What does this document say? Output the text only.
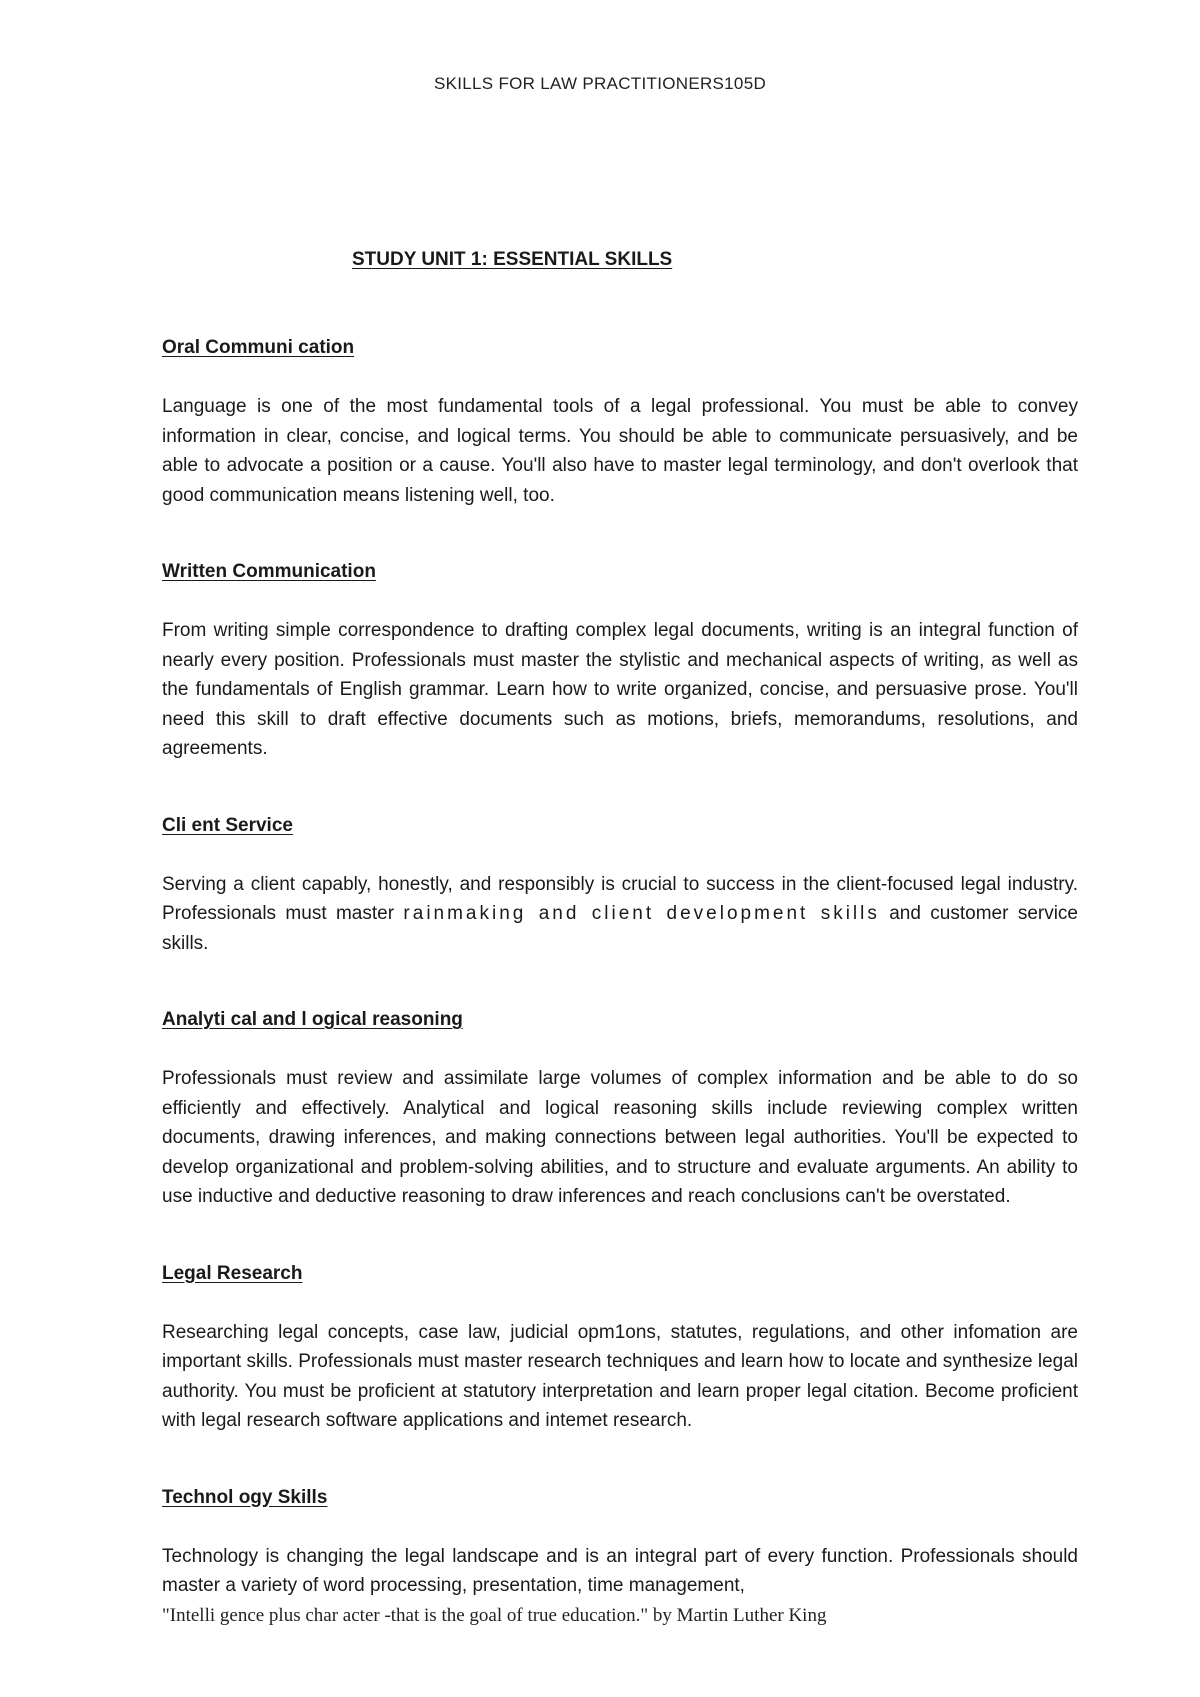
SKILLS FOR LAW PRACTITIONERS105D
STUDY UNIT 1: ESSENTIAL SKILLS
Oral Communi cation

Language is one of the most fundamental tools of a legal professional. You must be able to convey information in clear, concise, and logical terms. You should be able to communicate persuasively, and be able to advocate a position or a cause. You'll also have to master legal terminology, and don't overlook that good communication means listening well, too.

Written Communication

From writing simple correspondence to drafting complex legal documents, writing is an integral function of nearly every position. Professionals must master the stylistic and mechanical aspects of writing, as well as the fundamentals of English grammar. Learn how to write organized, concise, and persuasive prose. You'll need this skill to draft effective documents such as motions, briefs, memorandums, resolutions, and agreements.

Cli ent Service

Serving a client capably, honestly, and responsibly is crucial to success in the client-focused legal industry. Professionals must master rainmaking and client development skills and customer service skills.

Analyti cal and l ogical reasoning

Professionals must review and assimilate large volumes of complex information and be able to do so efficiently and effectively. Analytical and logical reasoning skills include reviewing complex written documents, drawing inferences, and making connections between legal authorities. You'll be expected to develop organizational and problem-solving abilities, and to structure and evaluate arguments. An ability to use inductive and deductive reasoning to draw inferences and reach conclusions can't be overstated.

Legal Research

Researching legal concepts, case law, judicial opm1ons, statutes, regulations, and other infomation are important skills. Professionals must master research techniques and learn how to locate and synthesize legal authority. You must be proficient at statutory interpretation and learn proper legal citation. Become proficient with legal research software applications and intemet research.

Technol ogy Skills

Technology is changing the legal landscape and is an integral part of every function. Professionals should master a variety of word processing, presentation, time management,

"Intelli gence plus char acter -that is the goal of true education." by Martin Luther King
